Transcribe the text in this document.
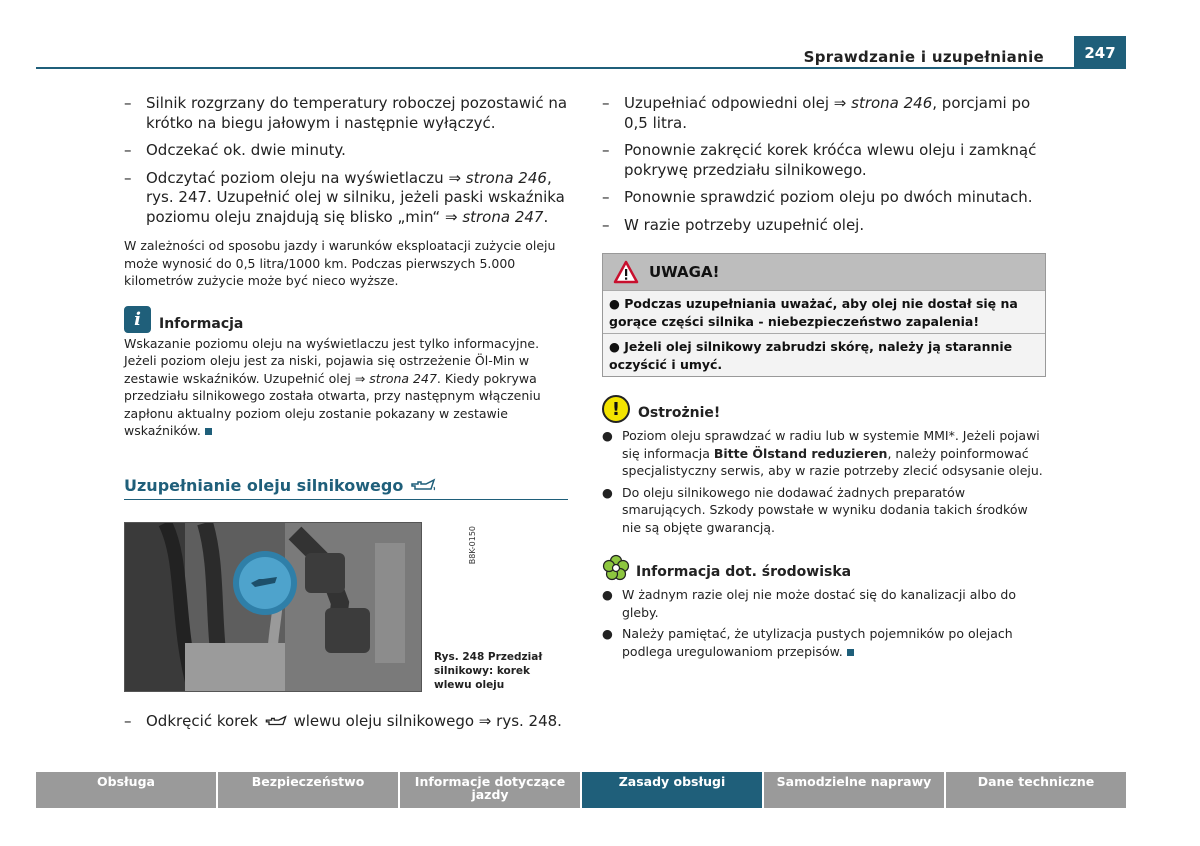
Sprawdzanie i uzupełnianie	247
– Silnik rozgrzany do temperatury roboczej pozostawić na krótko na biegu jałowym i następnie wyłączyć.
– Odczekać ok. dwie minuty.
– Odczytać poziom oleju na wyświetlaczu ⇒ strona 246, rys. 247. Uzupełnić olej w silniku, jeżeli paski wskaźnika poziomu oleju znajdują się blisko „min“ ⇒ strona 247.

W zależności od sposobu jazdy i warunków eksploatacji zużycie oleju może wynosić do 0,5 litra/1000 km. Podczas pierwszych 5.000 kilometrów zużycie może być nieco wyższe.

i	Informacja

Wskazanie poziomu oleju na wyświetlaczu jest tylko informacyjne. Jeżeli poziom oleju jest za niski, pojawia się ostrzeżenie Öl-Min w zestawie wskaźników. Uzupełnić olej ⇒ strona 247. Kiedy pokrywa przedziału silnikowego została otwarta, przy następnym włączeniu zapłonu aktualny poziom oleju zostanie pokazany w zestawie wskaźników.

Uzupełnianie oleju silnikowego
B8K-0150
Rys. 248 Przedział silnikowy: korek wlewu oleju
– Odkręcić korek  wlewu oleju silnikowego ⇒ rys. 248.
– Uzupełniać odpowiedni olej ⇒ strona 246, porcjami po 0,5 litra.
– Ponownie zakręcić korek króćca wlewu oleju i zamknąć pokrywę przedziału silnikowego.
– Ponownie sprawdzić poziom oleju po dwóch minutach.
– W razie potrzeby uzupełnić olej.
UWAGA!
● Podczas uzupełniania uważać, aby olej nie dostał się na gorące części silnika - niebezpieczeństwo zapalenia!
● Jeżeli olej silnikowy zabrudzi skórę, należy ją starannie oczyścić i umyć.
!	Ostrożnie!
● Poziom oleju sprawdzać w radiu lub w systemie MMI*. Jeżeli pojawi się informacja Bitte Ölstand reduzieren, należy poinformować specjalistyczny serwis, aby w razie potrzeby zlecić odsysanie oleju.
● Do oleju silnikowego nie dodawać żadnych preparatów smarujących. Szkody powstałe w wyniku dodania takich środków nie są objęte gwarancją.
Informacja dot. środowiska
● W żadnym razie olej nie może dostać się do kanalizacji albo do gleby.
● Należy pamiętać, że utylizacja pustych pojemników po olejach podlega uregulowaniom przepisów.
Obsługa	Bezpieczeństwo	Informacje dotyczące jazdy
Zasady obsługi	Samodzielne naprawy	Dane techniczne
